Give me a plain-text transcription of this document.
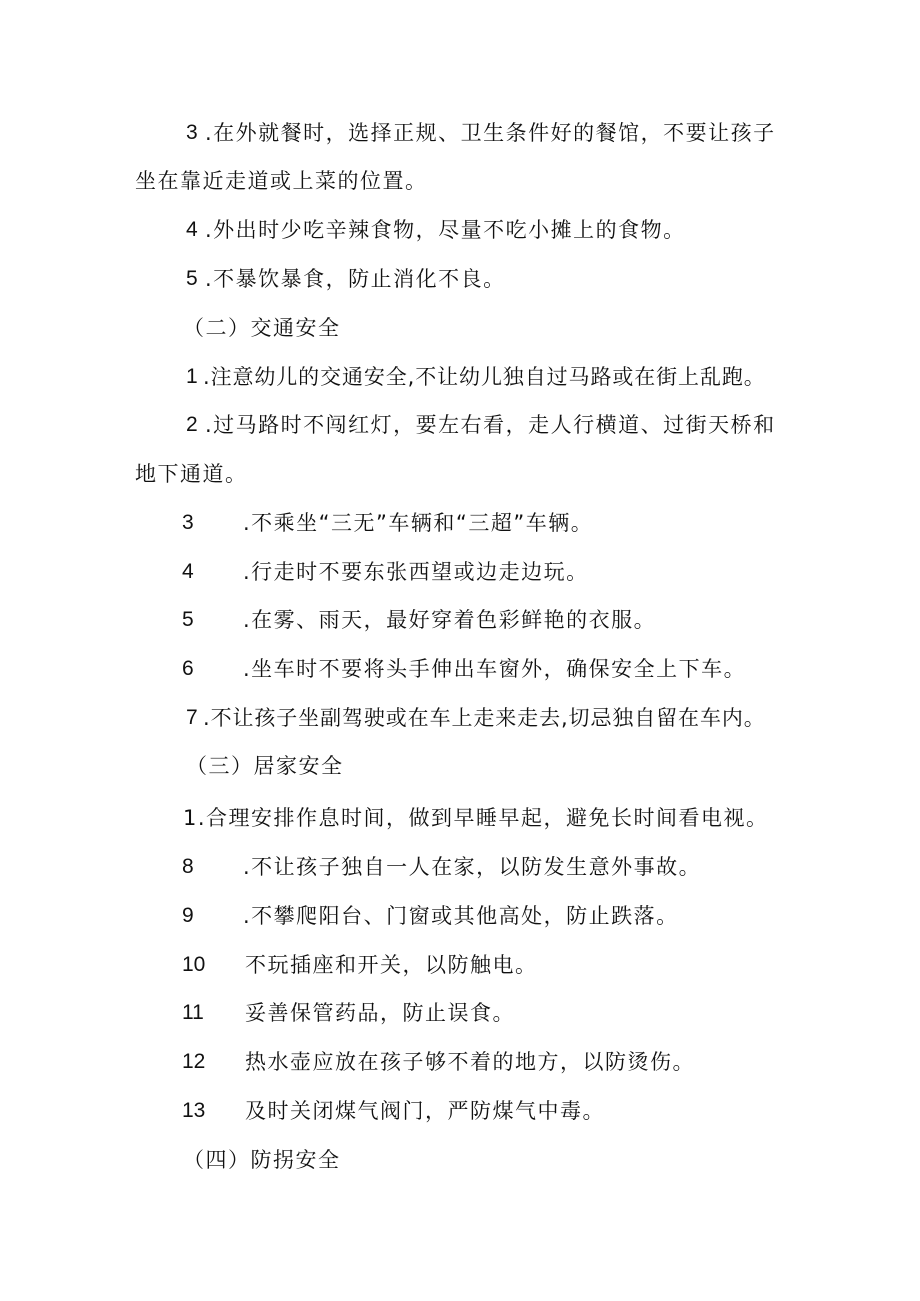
3 .在外就餐时，选择正规、卫生条件好的餐馆，不要让孩子
坐在靠近走道或上菜的位置。
4 .外出时少吃辛辣食物，尽量不吃小摊上的食物。
5 .不暴饮暴食，防止消化不良。
（二）交通安全
1 .注意幼儿的交通安全,不让幼儿独自过马路或在街上乱跑。
2 .过马路时不闯红灯，要左右看，走人行横道、过街天桥和
地下通道。
3 .不乘坐“三无”车辆和“三超”车辆。
4 .行走时不要东张西望或边走边玩。
5 .在雾、雨天，最好穿着色彩鲜艳的衣服。
6 .坐车时不要将头手伸出车窗外，确保安全上下车。
7 .不让孩子坐副驾驶或在车上走来走去,切忌独自留在车内。
（三）居家安全
1.合理安排作息时间，做到早睡早起，避免长时间看电视。
8 .不让孩子独自一人在家，以防发生意外事故。
9 .不攀爬阳台、门窗或其他高处，防止跌落。
10 不玩插座和开关，以防触电。
11 妥善保管药品，防止误食。
12 热水壶应放在孩子够不着的地方，以防烫伤。
13 及时关闭煤气阀门，严防煤气中毒。
（四）防拐安全
